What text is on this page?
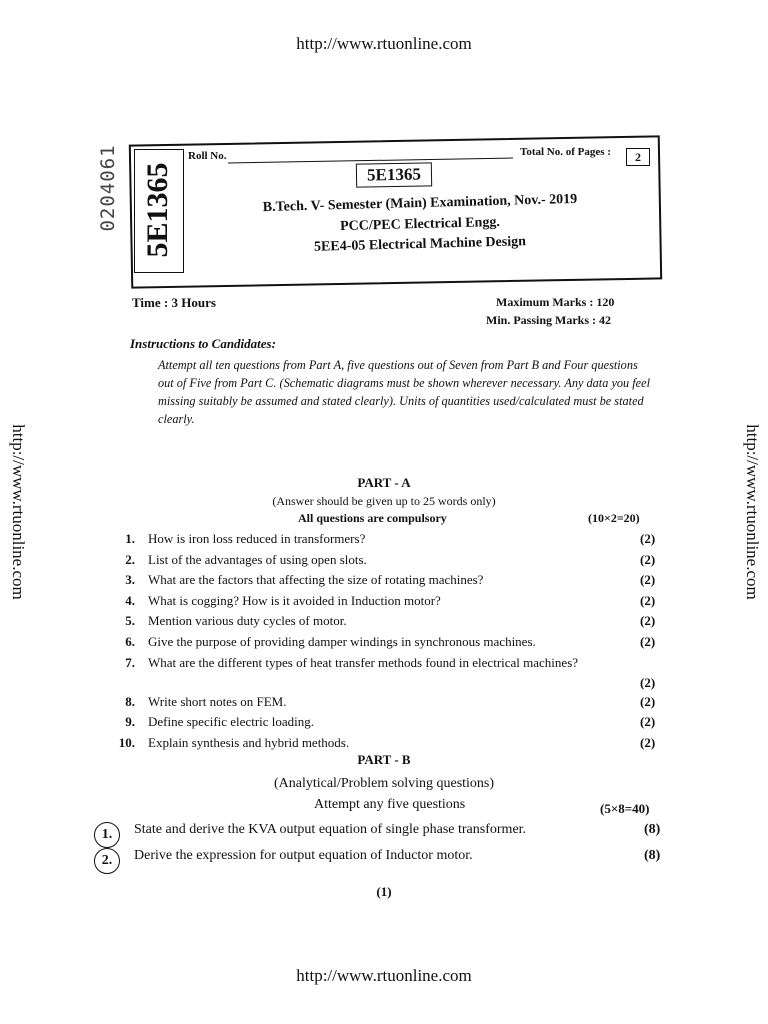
http://www.rtuonline.com
http://www.rtuonline.com	http://www.rtuonline.com
http://www.rtuonline.com
0204061 5E1365
Roll No.	Total No. of Pages :	2
5E1365
B.Tech. V- Semester (Main) Examination, Nov.- 2019
PCC/PEC Electrical Engg.
5EE4-05 Electrical Machine Design
Time : 3 Hours	Maximum Marks : 120
Min. Passing Marks : 42
Instructions to Candidates:
Attempt all ten questions from Part A, five questions out of Seven from Part B and Four questions out of Five from Part C. (Schematic diagrams must be shown wherever necessary. Any data you feel missing suitably be assumed and stated clearly). Units of quantities used/calculated must be stated clearly.
PART - A
(Answer should be given up to 25 words only)
All questions are compulsory	(10×2=20)
1. How is iron loss reduced in transformers?	(2)
2. List of the advantages of using open slots.	(2)
3. What are the factors that affecting the size of rotating machines?	(2)
4. What is cogging? How is it avoided in Induction motor?	(2)
5. Mention various duty cycles of motor.	(2)
6. Give the purpose of providing damper windings in synchronous machines.	(2)
7. What are the different types of heat transfer methods found in electrical machines?
(2)
8. Write short notes on FEM.	(2)
9. Define specific electric loading.	(2)
10. Explain synthesis and hybrid methods.	(2)
PART - B
(Analytical/Problem solving questions)
Attempt any five questions	(5×8=40)
1.	State and derive the KVA output equation of single phase transformer.	(8)
2.	Derive the expression for output equation of Inductor motor.	(8)
(1)
